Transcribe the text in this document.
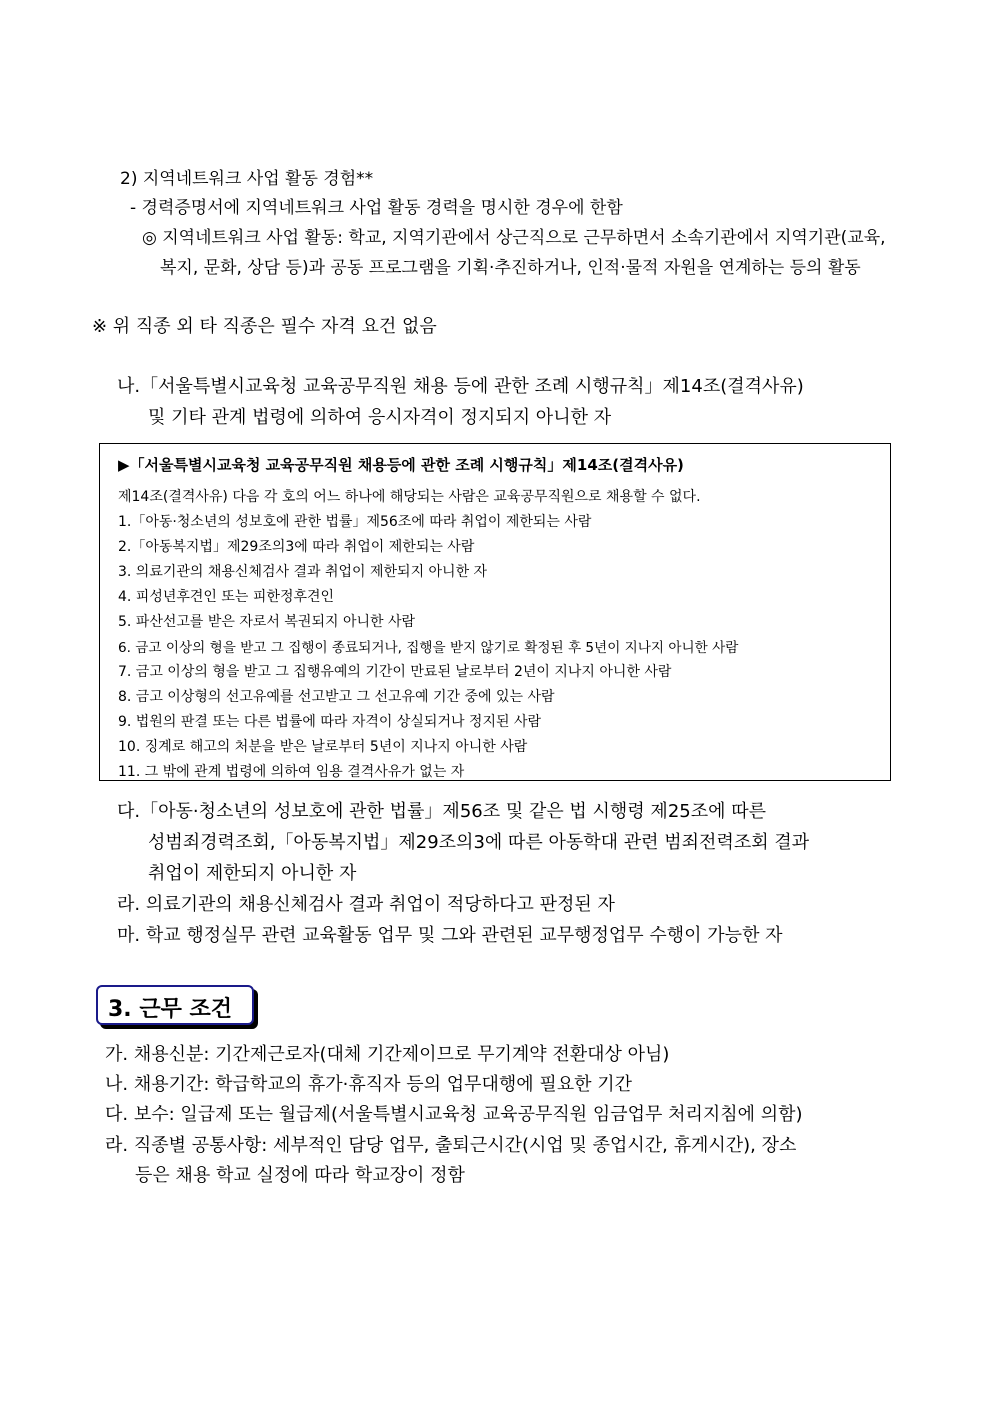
2) 지역네트워크 사업 활동 경험**
- 경력증명서에 지역네트워크 사업 활동 경력을 명시한 경우에 한함
◎ 지역네트워크 사업 활동: 학교, 지역기관에서 상근직으로 근무하면서 소속기관에서 지역기관(교육,
복지, 문화, 상담 등)과 공동 프로그램을 기획·추진하거나, 인적·물적 자원을 연계하는 등의 활동
※ 위 직종 외 타 직종은 필수 자격 요건 없음
나.「서울특별시교육청 교육공무직원 채용 등에 관한 조례 시행규칙」제14조(결격사유)
및 기타 관계 법령에 의하여 응시자격이 정지되지 아니한 자
▶「서울특별시교육청 교육공무직원 채용등에 관한 조례 시행규칙」제14조(결격사유)
제14조(결격사유) 다음 각 호의 어느 하나에 해당되는 사람은 교육공무직원으로 채용할 수 없다.
1.「아동·청소년의 성보호에 관한 법률」제56조에 따라 취업이 제한되는 사람
2.「아동복지법」제29조의3에 따라 취업이 제한되는 사람
3. 의료기관의 채용신체검사 결과 취업이 제한되지 아니한 자
4. 피성년후견인 또는 피한정후견인
5. 파산선고를 받은 자로서 복권되지 아니한 사람
6. 금고 이상의 형을 받고 그 집행이 종료되거나, 집행을 받지 않기로 확정된 후 5년이 지나지 아니한 사람
7. 금고 이상의 형을 받고 그 집행유예의 기간이 만료된 날로부터 2년이 지나지 아니한 사람
8. 금고 이상형의 선고유예를 선고받고 그 선고유예 기간 중에 있는 사람
9. 법원의 판결 또는 다른 법률에 따라 자격이 상실되거나 정지된 사람
10. 징계로 해고의 처분을 받은 날로부터 5년이 지나지 아니한 사람
11. 그 밖에 관계 법령에 의하여 임용 결격사유가 없는 자
다.「아동·청소년의 성보호에 관한 법률」제56조 및 같은 법 시행령 제25조에 따른
성범죄경력조회,「아동복지법」제29조의3에 따른 아동학대 관련 범죄전력조회 결과
취업이 제한되지 아니한 자
라. 의료기관의 채용신체검사 결과 취업이 적당하다고 판정된 자
마. 학교 행정실무 관련 교육활동 업무 및 그와 관련된 교무행정업무 수행이 가능한 자
3. 근무 조건
가. 채용신분: 기간제근로자(대체 기간제이므로 무기계약 전환대상 아님)
나. 채용기간: 학급학교의 휴가·휴직자 등의 업무대행에 필요한 기간
다. 보수: 일급제 또는 월급제(서울특별시교육청 교육공무직원 임금업무 처리지침에 의함)
라. 직종별 공통사항: 세부적인 담당 업무, 출퇴근시간(시업 및 종업시간, 휴게시간), 장소
등은 채용 학교 실정에 따라 학교장이 정함
